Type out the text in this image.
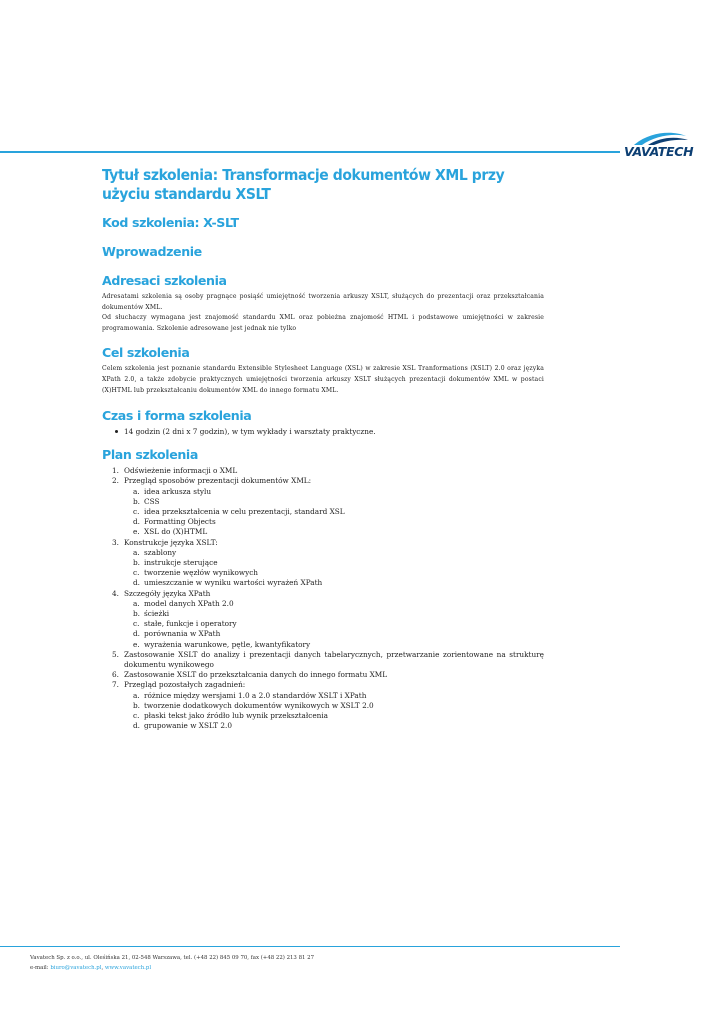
VAVATECH
Tytuł szkolenia: Transformacje dokumentów XML przy użyciu standardu XSLT
Kod szkolenia: X-SLT
Wprowadzenie
Adresaci szkolenia

Adresatami szkolenia są osoby pragnące posiąść umiejętność tworzenia arkuszy XSLT, służących do prezentacji oraz przekształcania dokumentów XML.

Od słuchaczy wymagana jest znajomość standardu XML oraz pobieżna znajomość HTML i podstawowe umiejętności w zakresie programowania. Szkolenie adresowane jest jednak nie tylko

Cel szkolenia

Celem szkolenia jest poznanie standardu Extensible Stylesheet Language (XSL) w zakresie XSL Tranformations (XSLT) 2.0 oraz języka XPath 2.0, a także zdobycie praktycznych umiejętności tworzenia arkuszy XSLT służących prezentacji dokumentów XML w postaci (X)HTML lub przekształcaniu dokumentów XML do innego formatu XML.

Czas i forma szkolenia
14 godzin (2 dni x 7 godzin), w tym wykłady i warsztaty praktyczne.
Plan szkolenia
1. Odświeżenie informacji o XML
2. Przegląd sposobów prezentacji dokumentów XML:
a. idea arkusza stylu
b. CSS
c. idea przekształcenia w celu prezentacji, standard XSL
d. Formatting Objects
e. XSL do (X)HTML
3. Konstrukcje języka XSLT:
a. szablony
b. instrukcje sterujące
c. tworzenie węzłów wynikowych
d. umieszczanie w wyniku wartości wyrażeń XPath
4. Szczegóły języka XPath
a. model danych XPath 2.0
b. ścieżki
c. stałe, funkcje i operatory
d. porównania w XPath
e. wyrażenia warunkowe, pętle, kwantyfikatory
5. Zastosowanie XSLT do analizy i prezentacji danych tabelarycznych, przetwarzanie zorientowane na strukturę dokumentu wynikowego
6. Zastosowanie XSLT do przekształcania danych do innego formatu XML
7. Przegląd pozostałych zagadnień:
a. różnice między wersjami 1.0 a 2.0 standardów XSLT i XPath
b. tworzenie dodatkowych dokumentów wynikowych w XSLT 2.0
c. płaski tekst jako źródło lub wynik przekształcenia
d. grupowanie w XSLT 2.0
Vavatech Sp. z o.o., ul. Oleśińska 21, 02-548 Warszawa, tel. (+48 22) 845 09 70, fax (+48 22) 213 81 27
e-mail: biuro@vavatech.pl, www.vavatech.pl
